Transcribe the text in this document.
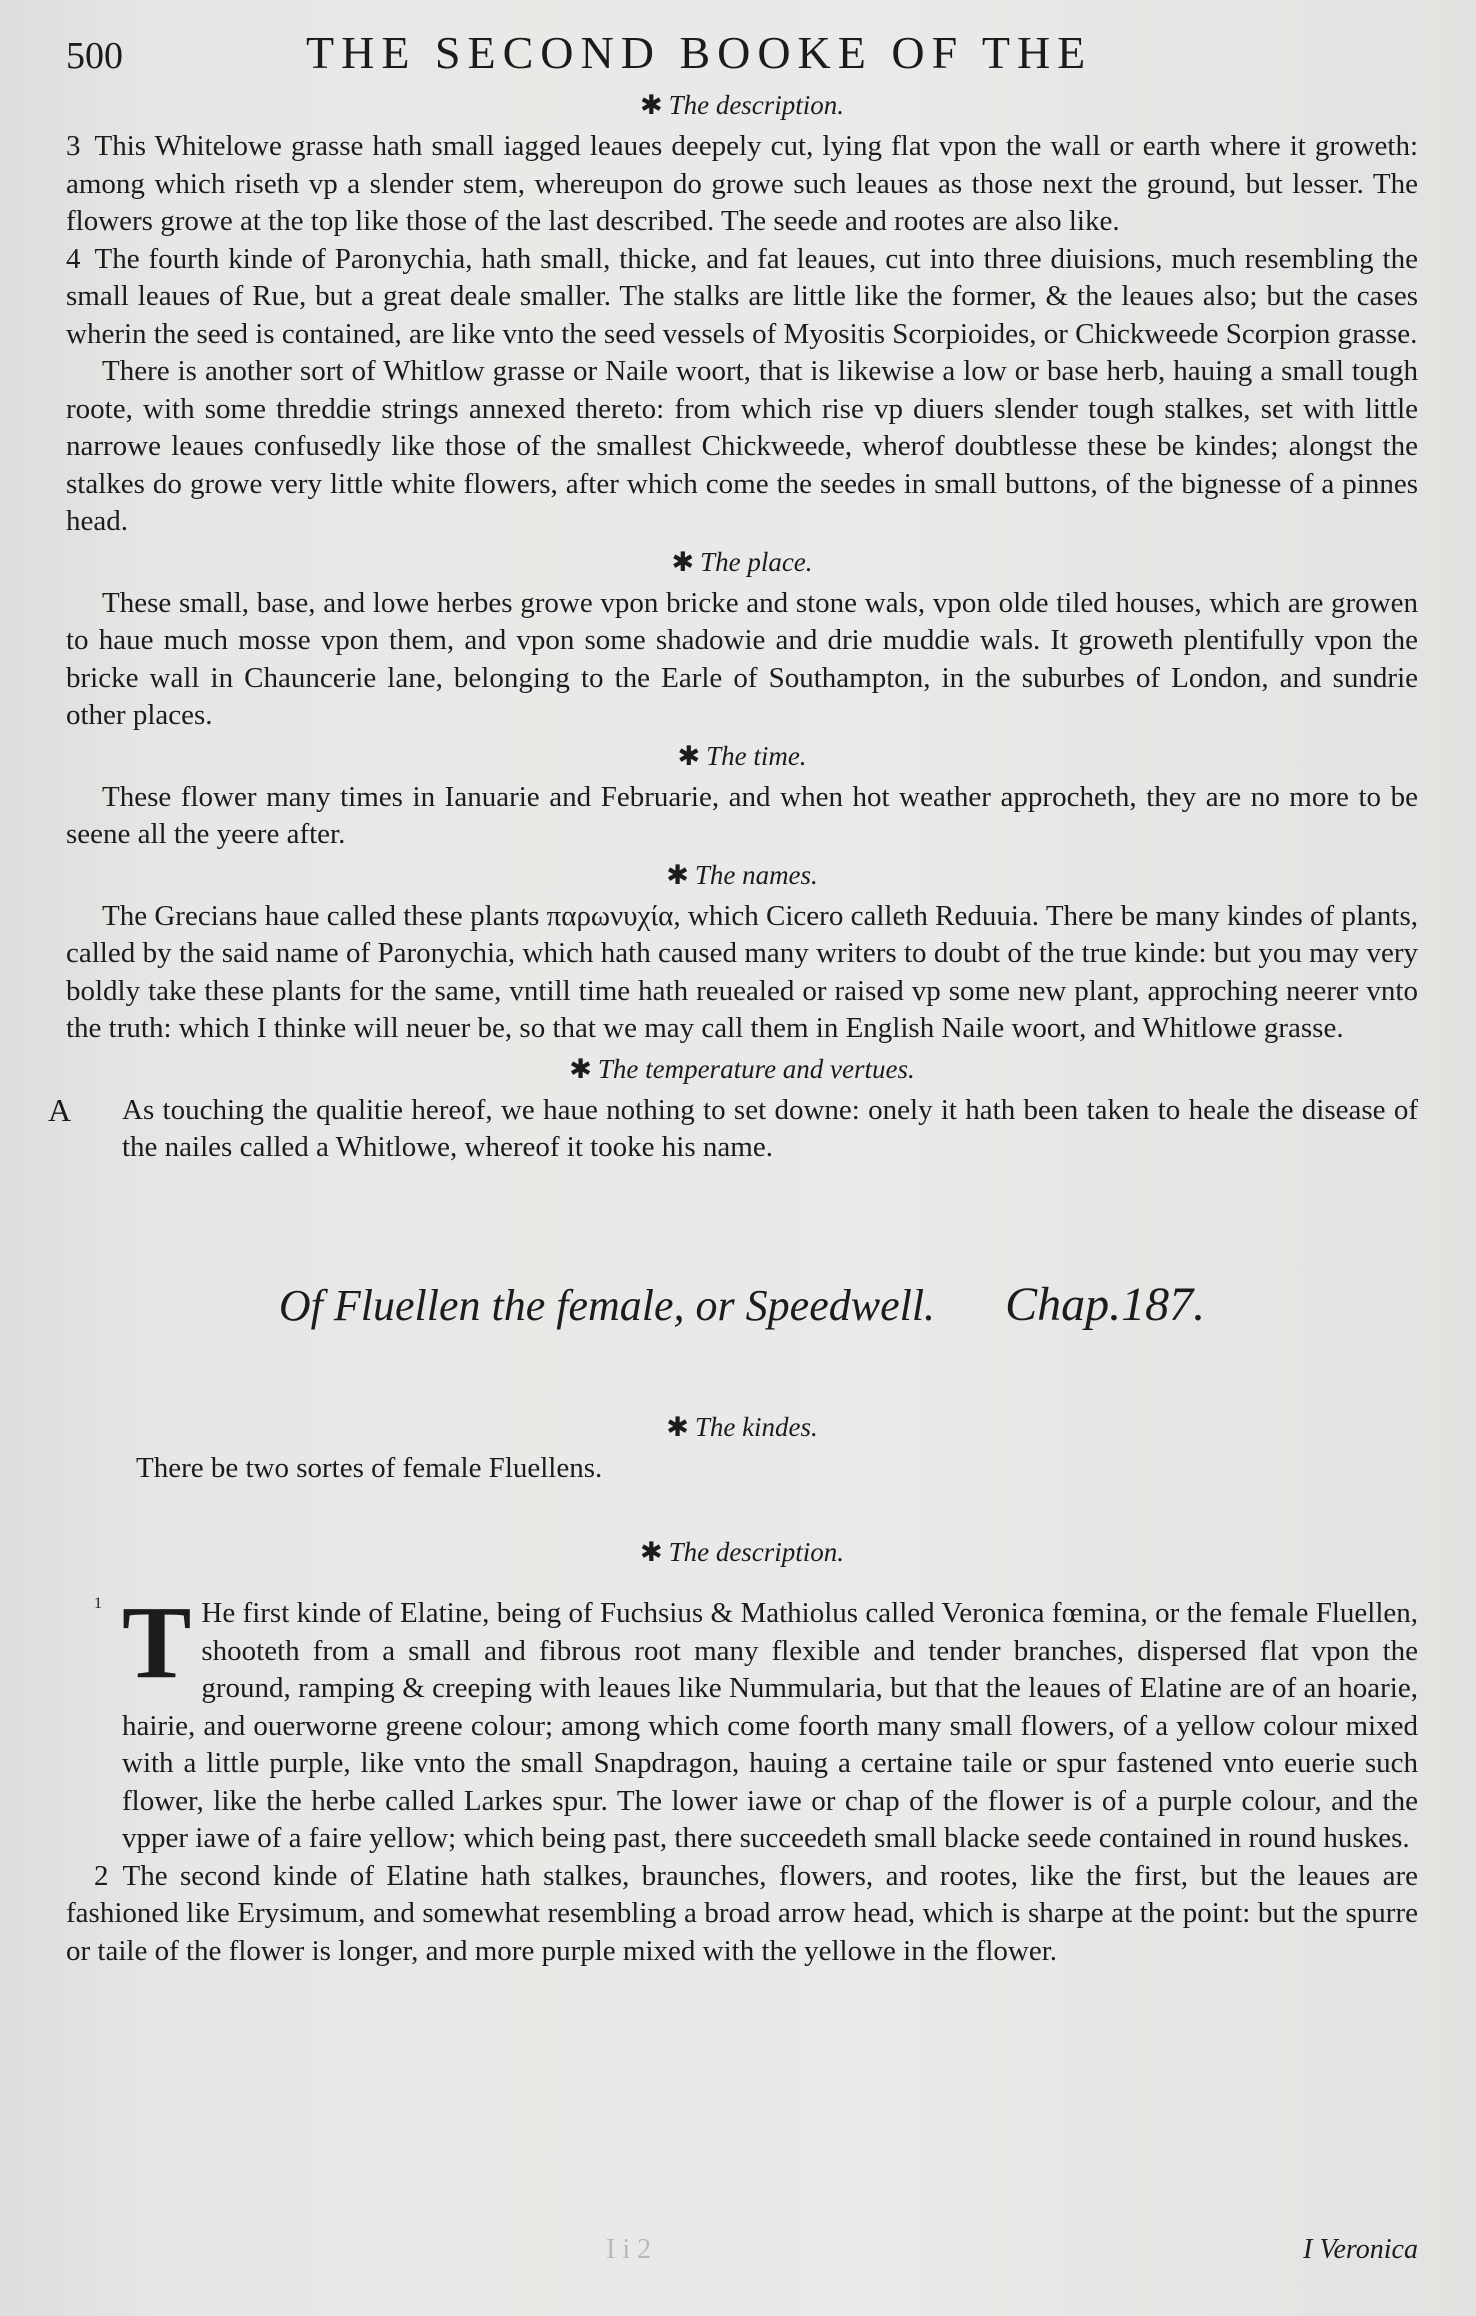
500	THE SECOND BOOKE OF THE
✱ The description.

3 This Whitelowe grasse hath small iagged leaues deepely cut, lying flat vpon the wall or earth where it groweth: among which riseth vp a slender stem, whereupon do growe such leaues as those next the ground, but lesser. The flowers growe at the top like those of the last described. The seede and rootes are also like.

4 The fourth kinde of Paronychia, hath small, thicke, and fat leaues, cut into three diuisions, much resembling the small leaues of Rue, but a great deale smaller. The stalks are little like the former, & the leaues also; but the cases wherin the seed is contained, are like vnto the seed vessels of Myositis Scorpioides, or Chickweede Scorpion grasse.

There is another sort of Whitlow grasse or Naile woort, that is likewise a low or base herb, hauing a small tough roote, with some threddie strings annexed thereto: from which rise vp diuers slender tough stalkes, set with little narrowe leaues confusedly like those of the smallest Chickweede, wherof doubtlesse these be kindes; alongst the stalkes do growe very little white flowers, after which come the seedes in small buttons, of the bignesse of a pinnes head.

✱ The place.

These small, base, and lowe herbes growe vpon bricke and stone wals, vpon olde tiled houses, which are growen to haue much mosse vpon them, and vpon some shadowie and drie muddie wals. It groweth plentifully vpon the bricke wall in Chauncerie lane, belonging to the Earle of Southampton, in the suburbes of London, and sundrie other places.

✱ The time.

These flower many times in Ianuarie and Februarie, and when hot weather approcheth, they are no more to be seene all the yeere after.

✱ The names.

The Grecians haue called these plants παρωνυχία, which Cicero calleth Reduuia. There be many kindes of plants, called by the said name of Paronychia, which hath caused many writers to doubt of the true kinde: but you may very boldly take these plants for the same, vntill time hath reuealed or raised vp some new plant, approching neerer vnto the truth: which I thinke will neuer be, so that we may call them in English Naile woort, and Whitlowe grasse.

✱ The temperature and vertues.
A As touching the qualitie hereof, we haue nothing to set downe: onely it hath been taken to heale the disease of the nailes called a Whitlowe, whereof it tooke his name.

Of Fluellen the female, or Speedwell. Chap.187.
✱ The kindes.

There be two sortes of female Fluellens.

✱ The description.
1 T He first kinde of Elatine, being of Fuchsius & Mathiolus called Veronica fœmina, or the female Fluellen, shooteth from a small and fibrous root many flexible and tender branches, dispersed flat vpon the ground, ramping & creeping with leaues like Nummularia, but that the leaues of Elatine are of an hoarie, hairie, and ouerworne greene colour; among which come foorth many small flowers, of a yellow colour mixed with a little purple, like vnto the small Snapdragon, hauing a certaine taile or spur fastened vnto euerie such flower, like the herbe called Larkes spur. The lower iawe or chap of the flower is of a purple colour, and the vpper iawe of a faire yellow; which being past, there succeedeth small blacke seede contained in round huskes.

2 The second kinde of Elatine hath stalkes, braunches, flowers, and rootes, like the first, but the leaues are fashioned like Erysimum, and somewhat resembling a broad arrow head, which is sharpe at the point: but the spurre or taile of the flower is longer, and more purple mixed with the yellowe in the flower.

I i 2	I Veronica
